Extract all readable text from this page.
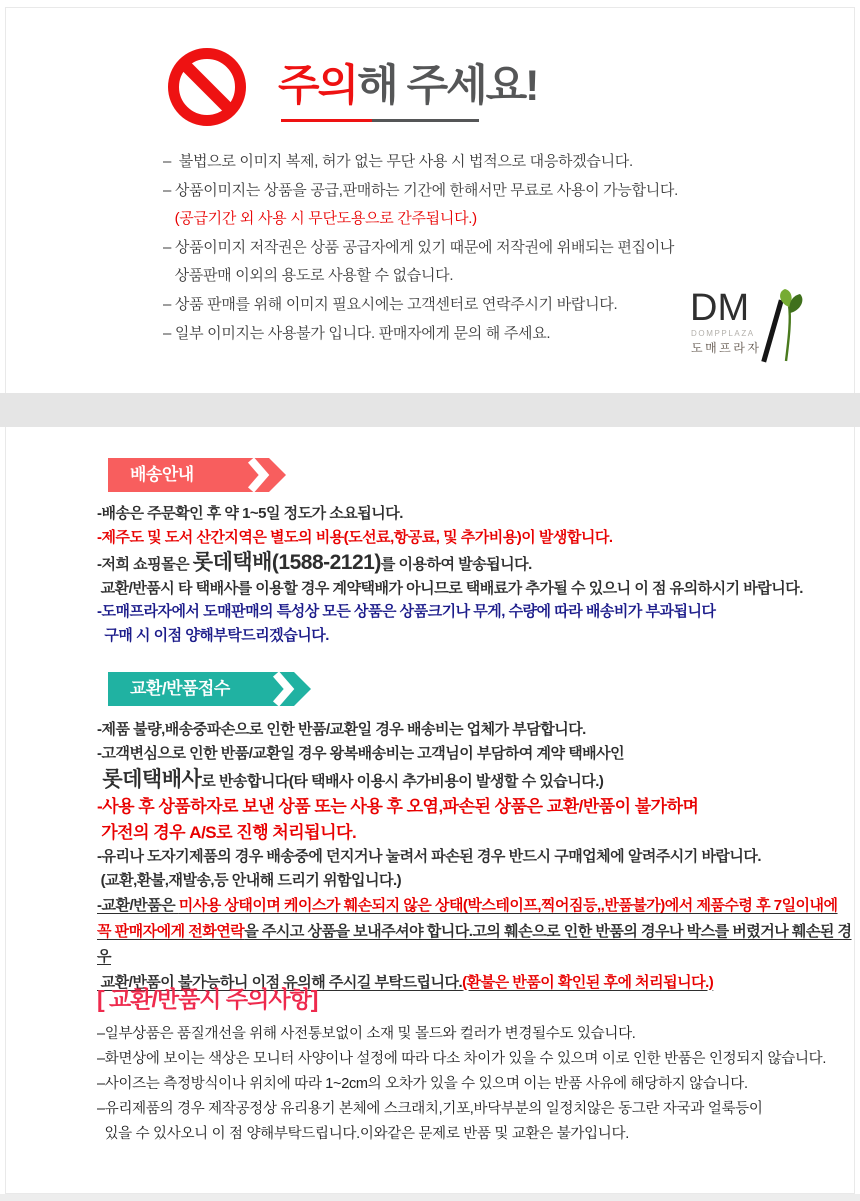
주의해 주세요!
–  불법으로 이미지 복제, 허가 없는 무단 사용 시 법적으로 대응하겠습니다.
– 상품이미지는 상품을 공급,판매하는 기간에 한해서만 무료로 사용이 가능합니다.
(공급기간 외 사용 시 무단도용으로 간주됩니다.)
– 상품이미지 저작권은 상품 공급자에게 있기 때문에 저작권에 위배되는 편집이나
상품판매 이외의 용도로 사용할 수 없습니다.
– 상품 판매를 위해 이미지 필요시에는 고객센터로 연락주시기 바랍니다.
– 일부 이미지는 사용불가 입니다. 판매자에게 문의 해 주세요.
DM
DOMPPLAZA
도매프라자
배송안내
-배송은 주문확인 후 약 1~5일 정도가 소요됩니다.
-제주도 및 도서 산간지역은 별도의 비용(도선료,항공료, 및 추가비용)이 발생합니다.
-저희 쇼핑몰은 롯데택배(1588-2121)를 이용하여 발송됩니다.
교환/반품시 타 택배사를 이용할 경우 계약택배가 아니므로 택배료가 추가될 수 있으니 이 점 유의하시기 바랍니다.
-도매프라자에서 도매판매의 특성상 모든 상품은 상품크기나 무게, 수량에 따라 배송비가 부과됩니다
구매 시 이점 양해부탁드리겠습니다.
교환/반품접수
-제품 불량,배송중파손으로 인한 반품/교환일 경우 배송비는 업체가 부담합니다.
-고객변심으로 인한 반품/교환일 경우 왕복배송비는 고객님이 부담하여 계약 택배사인
롯데택배사로 반송합니다(타 택배사 이용시 추가비용이 발생할 수 있습니다.)
-사용 후 상품하자로 보낸 상품 또는 사용 후 오염,파손된 상품은 교환/반품이 불가하며
가전의 경우 A/S로 진행 처리됩니다.
-유리나 도자기제품의 경우 배송중에 던지거나 눌려서 파손된 경우 반드시 구매업체에 알려주시기 바랍니다.
(교환,환불,재발송,등 안내해 드리기 위함입니다.)
-교환/반품은 미사용 상태이며 케이스가 훼손되지 않은 상태(박스테이프,찍어짐등,,반품불가)에서 제품수령 후 7일이내에
꼭 판매자에게 전화연락을 주시고 상품을 보내주셔야 합니다.고의 훼손으로 인한 반품의 경우나 박스를 버렸거나 훼손된 경우
교환/반품이 불가능하니 이점 유의해 주시길 부탁드립니다.(환불은 반품이 확인된 후에 처리됩니다.)
[ 교환/반품시 주의사항]
–일부상품은 품질개선을 위해 사전통보없이 소재 및 몰드와 컬러가 변경될수도 있습니다.
–화면상에 보이는 색상은 모니터 사양이나 설정에 따라 다소 차이가 있을 수 있으며 이로 인한 반품은 인정되지 않습니다.
–사이즈는 측정방식이나 위치에 따라 1~2cm의 오차가 있을 수 있으며 이는 반품 사유에 해당하지 않습니다.
–유리제품의 경우 제작공정상 유리용기 본체에 스크래치,기포,바닥부분의 일정치않은 동그란 자국과 얼룩등이
있을 수 있사오니 이 점 양해부탁드립니다.이와같은 문제로 반품 및 교환은 불가입니다.
